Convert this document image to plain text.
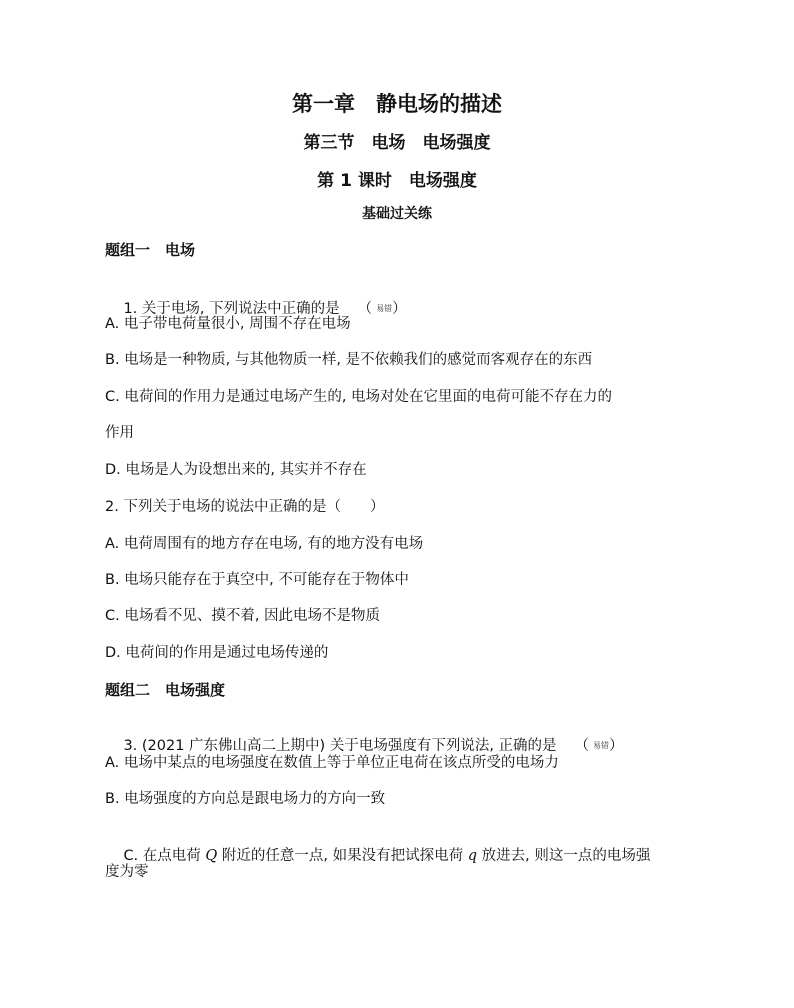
第一章　静电场的描述
第三节　电场　电场强度
第 1 课时　电场强度
基础过关练
题组一　电场

1. 关于电场, 下列说法中正确的是 （ 易错）

A. 电子带电荷量很小, 周围不存在电场
B. 电场是一种物质, 与其他物质一样, 是不依赖我们的感觉而客观存在的东西
C. 电荷间的作用力是通过电场产生的, 电场对处在它里面的电荷可能不存在力的
作用
D. 电场是人为设想出来的, 其实并不存在
2. 下列关于电场的说法中正确的是（　　）
A. 电荷周围有的地方存在电场, 有的地方没有电场
B. 电场只能存在于真空中, 不可能存在于物体中
C. 电场看不见、摸不着, 因此电场不是物质
D. 电荷间的作用是通过电场传递的
题组二　电场强度

3. (2021 广东佛山高二上期中) 关于电场强度有下列说法, 正确的是 （ 易错）

A. 电场中某点的电场强度在数值上等于单位正电荷在该点所受的电场力
B. 电场强度的方向总是跟电场力的方向一致

C. 在点电荷 Q 附近的任意一点, 如果没有把试探电荷 q 放进去, 则这一点的电场强

度为零
